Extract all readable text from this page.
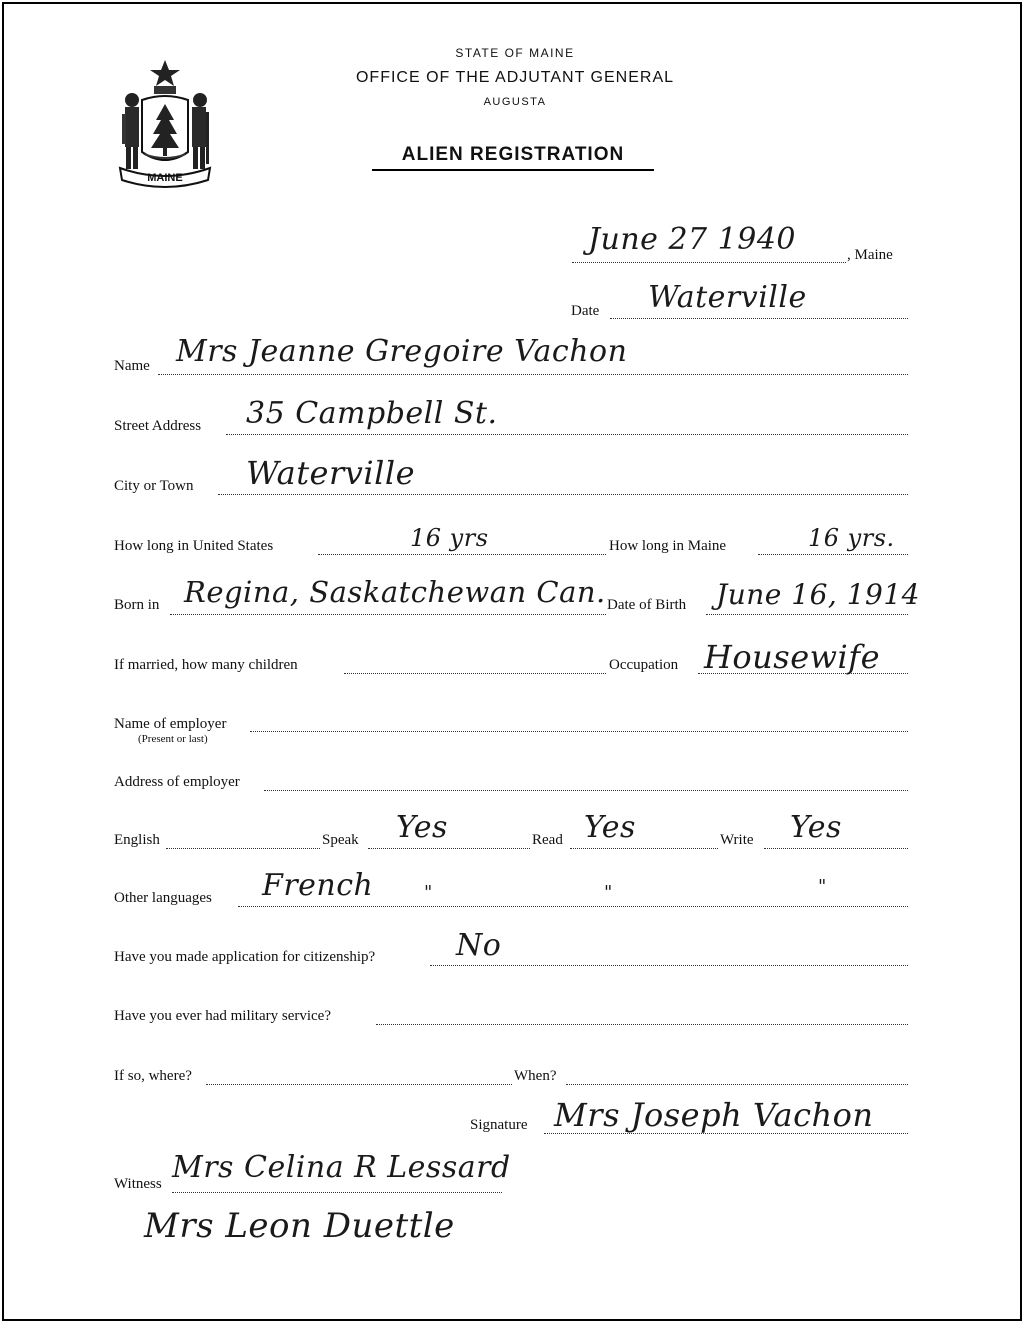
MAINE
STATE OF MAINE
OFFICE OF THE ADJUTANT GENERAL
AUGUSTA
ALIEN REGISTRATION
June 27 1940	, Maine
Date Waterville
Name Mrs Jeanne Gregoire Vachon
Street Address 35 Campbell St.
City or Town Waterville
How long in United States	16 yrs	How long in Maine	16 yrs.
Born in Regina, Saskatchewan Can. Date of Birth June 16, 1914
If married, how many children	Occupation Housewife
Name of employer
(Present or last)
Address of employer
English	Speak Yes	Read Yes	Write Yes
Other languages French	"	"	"
Have you made application for citizenship?	No
Have you ever had military service?
If so, where?	When?
Signature Mrs Joseph Vachon
Witness Mrs Celina R Lessard
Mrs Leon Duettle
